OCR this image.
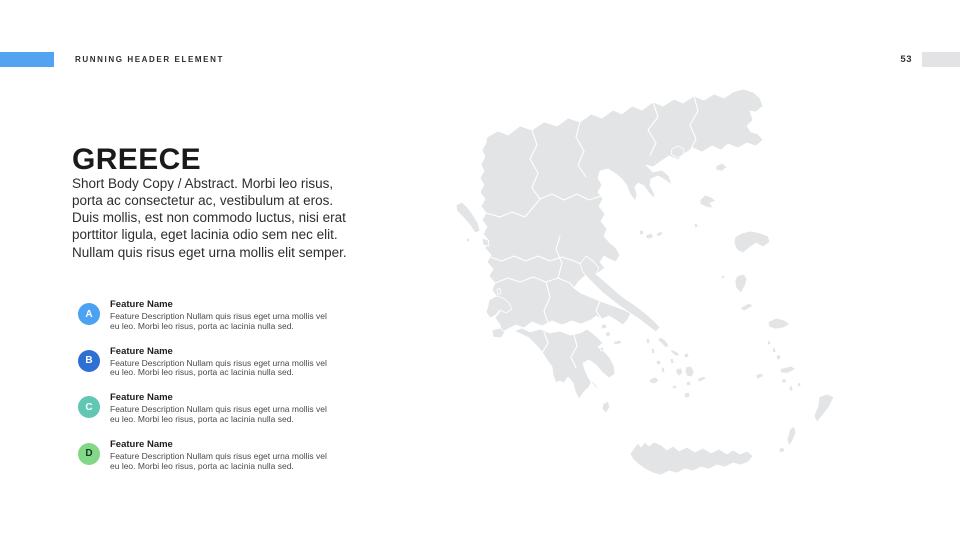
RUNNING HEADER ELEMENT	53
GREECE

Short Body Copy / Abstract. Morbi leo risus, porta ac consectetur ac, vestibulum at eros. Duis mollis, est non commodo luctus, nisi erat porttitor ligula, eget lacinia odio sem nec elit. Nullam quis risus eget urna mollis elit semper.

A
Feature Name
Feature Description Nullam quis risus eget urna mollis vel eu leo. Morbi leo risus, porta ac lacinia nulla sed.
B
Feature Name
Feature Description Nullam quis risus eget urna mollis vel eu leo. Morbi leo risus, porta ac lacinia nulla sed.
C
Feature Name
Feature Description Nullam quis risus eget urna mollis vel eu leo. Morbi leo risus, porta ac lacinia nulla sed.
D
Feature Name
Feature Description Nullam quis risus eget urna mollis vel eu leo. Morbi leo risus, porta ac lacinia nulla sed.
